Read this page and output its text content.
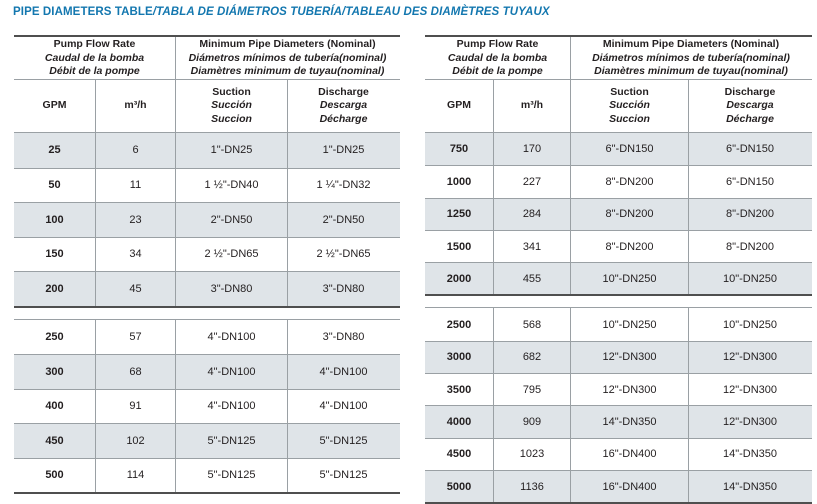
PIPE DIAMETERS TABLE/TABLA DE DIÁMETROS TUBERÍA/TABLEAU DES DIAMÈTRES TUYAUX
Pump Flow Rate
Caudal de la bomba
Débit de la pompe
Minimum Pipe Diameters (Nominal)
Diámetros mínimos de tubería(nominal)
Diamètres minimum de tuyau(nominal)
GPM	m³/h
Suction
Succión
Succion
Discharge
Descarga
Décharge
25	6	1"-DN25	1"-DN25
50	11	1 ½"-DN40	1 ¼"-DN32
100	23	2"-DN50	2"-DN50
150	34	2 ½"-DN65	2 ½"-DN65
200	45	3"-DN80	3"-DN80
250	57	4"-DN100	3"-DN80
300	68	4"-DN100	4"-DN100
400	91	4"-DN100	4"-DN100
450	102	5"-DN125	5"-DN125
500	114	5"-DN125	5"-DN125
Pump Flow Rate
Caudal de la bomba
Débit de la pompe
Minimum Pipe Diameters (Nominal)
Diámetros mínimos de tubería(nominal)
Diamètres minimum de tuyau(nominal)
GPM	m³/h
Suction
Succión
Succion
Discharge
Descarga
Décharge
750	170	6"-DN150	6"-DN150
1000	227	8"-DN200	6"-DN150
1250	284	8"-DN200	8"-DN200
1500	341	8"-DN200	8"-DN200
2000	455	10"-DN250	10"-DN250
2500	568	10"-DN250	10"-DN250
3000	682	12"-DN300	12"-DN300
3500	795	12"-DN300	12"-DN300
4000	909	14"-DN350	12"-DN300
4500	1023	16"-DN400	14"-DN350
5000	1136	16"-DN400	14"-DN350
